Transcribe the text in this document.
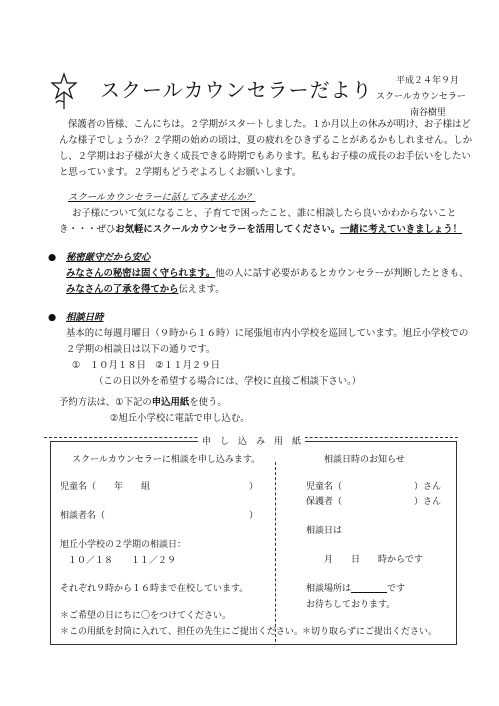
スクールカウンセラーだより	平成２４年９月
スクールカウンセラー
南谷樹里
保護者の皆様、こんにちは。２学期がスタートしました。１か月以上の休みが明け、お子様はど
んな様子でしょうか？２学期の始めの頃は、夏の疲れをひきずることがあるかもしれません。しか
し、２学期はお子様が大きく成長できる時期でもあります。私もお子様の成長のお手伝いをしたい
と思っています。２学期もどうぞよろしくお願いします。
スクールカウンセラーに話してみませんか？
お子様について気になること、子育てで困ったこと、誰に相談したら良いかわからないこと
き・・・ぜひお気軽にスクールカウンセラーを活用してください。一緒に考えていきましょう！
● 秘密厳守だから安心
みなさんの秘密は固く守られます。他の人に話す必要があるとカウンセラーが判断したときも、
みなさんの了承を得てから伝えます。
● 相談日時
基本的に毎週月曜日（９時から１６時）に尾張旭市内小学校を巡回しています。旭丘小学校での
２学期の相談日は以下の通りです。
①　１０月１８日　②１１月２９日
（この日以外を希望する場合には、学校に直接ご相談下さい。）
予約方法は、①下記の申込用紙を使う。
②旭丘小学校に電話で申し込む。
申　し　込　み　用　紙
スクールカウンセラーに相談を申し込みます。
児童名（　　年　　組　　　　　　　　　　　）
相談者名（　　　　　　　　　　　　　　　　）
旭丘小学校の２学期の相談日：
１０／１８　　１１／２９
それぞれ９時から１６時まで在校しています。
＊ご希望の日にちに〇をつけてください。
＊この用紙を封筒に入れて、担任の先生にご提出ください。
相談日時のお知らせ
児童名（　　　　　　　　）さん
保護者（　　　　　　　　）さん
相談日は
月　　日　　時からです
相談場所は　　　　	です
お待ちしております。
＊切り取らずにご提出ください。
